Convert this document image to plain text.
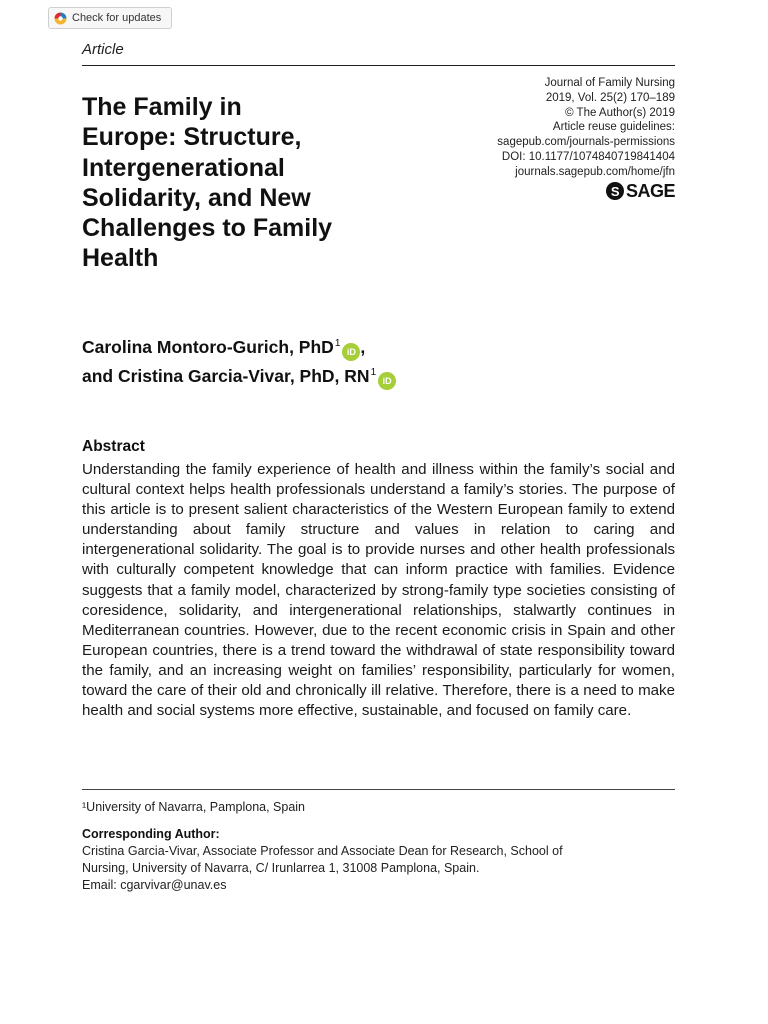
Check for updates
Article
Journal of Family Nursing
2019, Vol. 25(2) 170–189
© The Author(s) 2019
Article reuse guidelines:
sagepub.com/journals-permissions
DOI: 10.1177/1074840719841404
journals.sagepub.com/home/jfn
S SAGE
The Family in
Europe: Structure,
Intergenerational
Solidarity, and New
Challenges to Family
Health
Carolina Montoro-Gurich, PhD$^1$iD ,
and Cristina Garcia-Vivar, PhD, $RN^1iD$
Abstract

Understanding the family experience of health and illness within the family’s social and cultural context helps health professionals understand a family’s stories. The purpose of this article is to present salient characteristics of the Western European family to extend understanding about family structure and values in relation to caring and intergenerational solidarity. The goal is to provide nurses and other health professionals with culturally competent knowledge that can inform practice with families. Evidence suggests that a family model, characterized by strong-family type societies consisting of coresidence, solidarity, and intergenerational relationships, stalwartly continues in Mediterranean countries. However, due to the recent economic crisis in Spain and other European countries, there is a trend toward the withdrawal of state responsibility toward the family, and an increasing weight on families’ responsibility, particularly for women, toward the care of their old and chronically ill relative. Therefore, there is a need to make health and social systems more effective, sustainable, and focused on family care.

¹University of Navarra, Pamplona, Spain
Corresponding Author:
Cristina Garcia-Vivar, Associate Professor and Associate Dean for Research, School of
Nursing, University of Navarra, C/ Irunlarrea 1, 31008 Pamplona, Spain.
Email: cgarvivar@unav.es
